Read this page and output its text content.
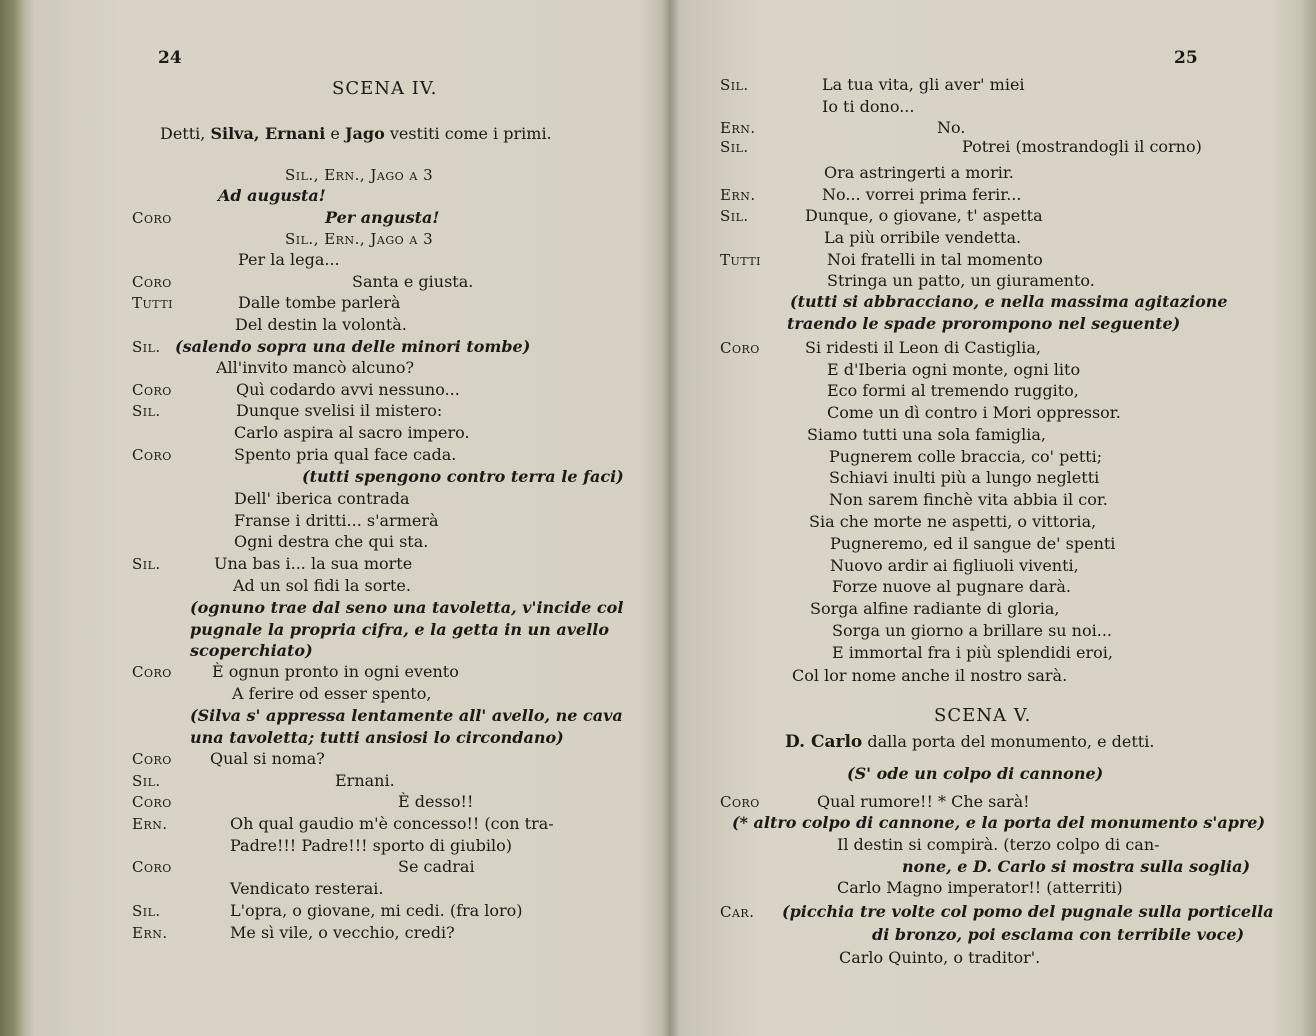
24
SCENA IV.
Detti, Silva, Ernani e Jago vestiti come i primi.
Sil., Ern., Jago a 3
Ad augusta!
Coro	Per angusta!
Sil., Ern., Jago a 3
Per la lega...
Coro	Santa e giusta.
Tutti	Dalle tombe parlerà
Del destin la volontà.
Sil. (salendo sopra una delle minori tombe)
All'invito mancò alcuno?
Coro	Quì codardo avvi nessuno...
Sil.	Dunque svelisi il mistero:
Carlo aspira al sacro impero.
Coro	Spento pria qual face cada.
(tutti spengono contro terra le faci)
Dell' iberica contrada
Franse i dritti... s'armerà
Ogni destra che qui sta.
Sil.	Una bas i... la sua morte
Ad un sol fidi la sorte.
(ognuno trae dal seno una tavoletta, v'incide col
pugnale la propria cifra, e la getta in un avello
scoperchiato)
Coro	È ognun pronto in ogni evento
A ferire od esser spento,
(Silva s' appressa lentamente all' avello, ne cava
una tavoletta; tutti ansiosi lo circondano)
Coro Qual si noma?
Sil.	Ernani.
Coro	È desso!!
Ern.	Oh qual gaudio m'è concesso!! (con tra-
Padre!!! Padre!!! sporto di giubilo)
Coro	Se cadrai
Vendicato resterai.
Sil.	L'opra, o giovane, mi cedi. (fra loro)
Ern.	Me sì vile, o vecchio, credi?
25
SCENA V.
D. Carlo dalla porta del monumento, e detti.
Sil.	La tua vita, gli aver' miei
Io ti dono...
Ern.	No.
Sil.	Potrei (mostrandogli il corno)
Ora astringerti a morir.
Ern.	No... vorrei prima ferir...
Sil.	Dunque, o giovane, t' aspetta
La più orribile vendetta.
Tutti	Noi fratelli in tal momento
Stringa un patto, un giuramento.
(tutti si abbracciano, e nella massima agitazione
traendo le spade prorompono nel seguente)
Coro	Si ridesti il Leon di Castiglia,
E d'Iberia ogni monte, ogni lito
Eco formi al tremendo ruggito,
Come un dì contro i Mori oppressor.
Siamo tutti una sola famiglia,
Pugnerem colle braccia, co' petti;
Schiavi inulti più a lungo negletti
Non sarem finchè vita abbia il cor.
Sia che morte ne aspetti, o vittoria,
Pugneremo, ed il sangue de' spenti
Nuovo ardir ai figliuoli viventi,
Forze nuove al pugnare darà.
Sorga alfine radiante di gloria,
Sorga un giorno a brillare su noi...
E immortal fra i più splendidi eroi,
Col lor nome anche il nostro sarà.
(S' ode un colpo di cannone)
Coro	Qual rumore!! * Che sarà!
(* altro colpo di cannone, e la porta del monumento s'apre)
Il destin si compirà. (terzo colpo di can-
none, e D. Carlo si mostra sulla soglia)
Carlo Magno imperator!! (atterriti)
Car. (picchia tre volte col pomo del pugnale sulla porticella
di bronzo, poi esclama con terribile voce)
Carlo Quinto, o traditor'.
